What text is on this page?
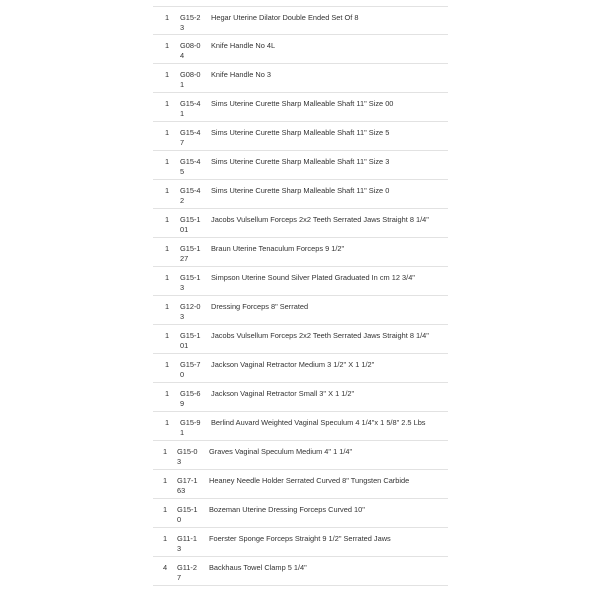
1 G15-23
Hegar Uterine Dilator Double Ended Set Of 8
1 G08-04
Knife Handle No 4L
1 G08-01
Knife Handle No 3
1 G15-41
Sims Uterine Curette Sharp Malleable Shaft 11" Size 00
1 G15-47
Sims Uterine Curette Sharp Malleable Shaft 11" Size 5
1 G15-45
Sims Uterine Curette Sharp Malleable Shaft 11" Size 3
1 G15-42
Sims Uterine Curette Sharp Malleable Shaft 11" Size 0
1 G15-101
Jacobs Vulsellum Forceps 2x2 Teeth Serrated Jaws Straight 8 1/4"
1 G15-127
Braun Uterine Tenaculum Forceps 9 1/2"
1 G15-13
Simpson Uterine Sound Silver Plated Graduated In cm 12 3/4"
1 G12-03
Dressing Forceps 8" Serrated
1 G15-101
Jacobs Vulsellum Forceps 2x2 Teeth Serrated Jaws Straight 8 1/4"
1 G15-70
Jackson Vaginal Retractor Medium 3 1/2" X 1 1/2"
1 G15-69
Jackson Vaginal Retractor Small 3" X 1 1/2"
1 G15-91
Berlind Auvard Weighted Vaginal Speculum 4 1/4"x 1 5/8" 2.5 Lbs
1 G15-03
Graves Vaginal Speculum Medium 4" 1 1/4"
1 G17-163
Heaney Needle Holder Serrated Curved 8" Tungsten Carbide
1 G15-10
Bozeman Uterine Dressing Forceps Curved 10"
1 G11-13
Foerster Sponge Forceps Straight 9 1/2" Serrated Jaws
4 G11-27
Backhaus Towel Clamp 5 1/4"
